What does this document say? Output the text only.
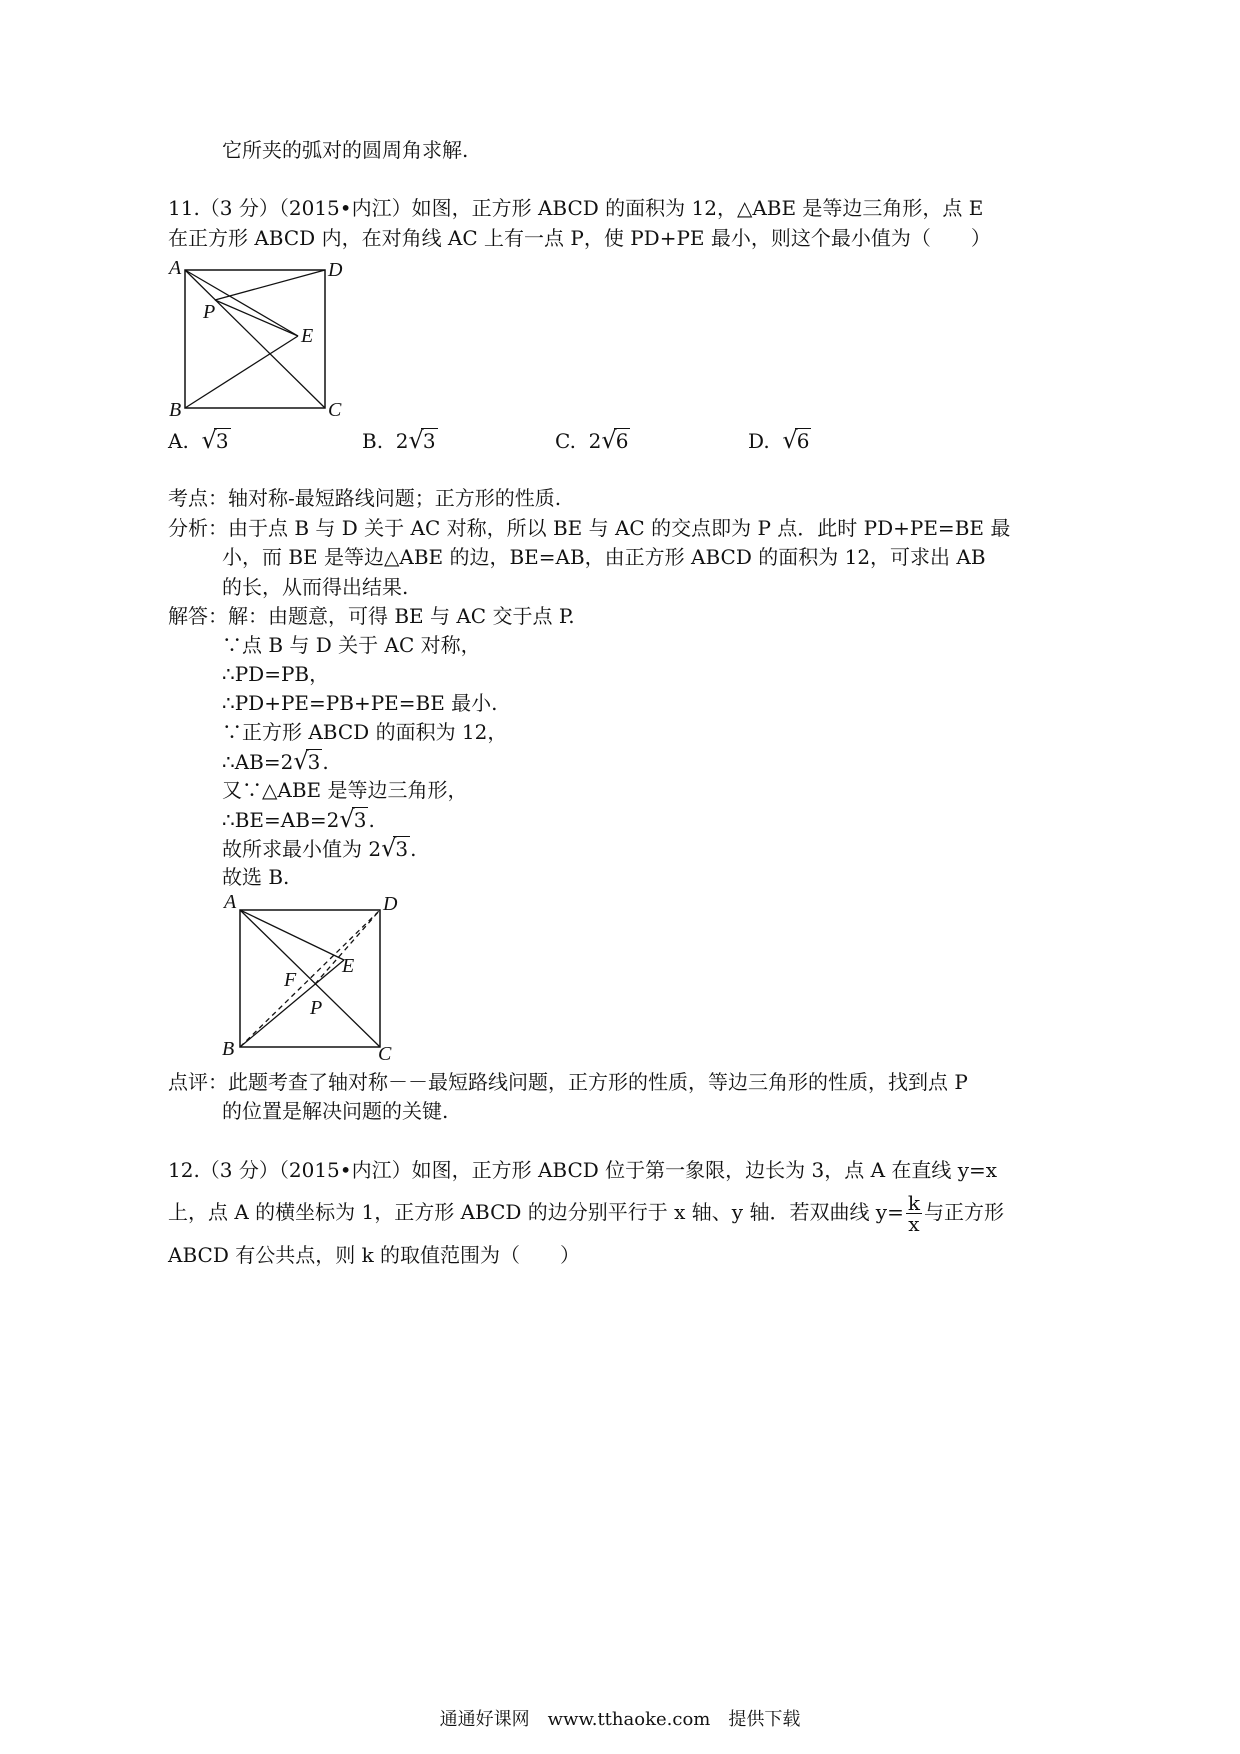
它所夹的弧对的圆周角求解.
11.（3 分）（2015•内江）如图，正方形 ABCD 的面积为 12，△ABE 是等边三角形，点 E
在正方形 ABCD 内，在对角线 AC 上有一点 P，使 PD+PE 最小，则这个最小值为（　　）
A	D
B	C
E
P
A. √3	B. 2√3	C. 2√6	D. √6
考点：轴对称-最短路线问题；正方形的性质.
分析：由于点 B 与 D 关于 AC 对称，所以 BE 与 AC 的交点即为 P 点．此时 PD+PE=BE 最
小，而 BE 是等边△ABE 的边，BE=AB，由正方形 ABCD 的面积为 12，可求出 AB
的长，从而得出结果.
解答：解：由题意，可得 BE 与 AC 交于点 P.
∵点 B 与 D 关于 AC 对称，
∴PD=PB，
∴PD+PE=PB+PE=BE 最小.
∵正方形 ABCD 的面积为 12，
∴AB=2√3 .
又∵△ABE 是等边三角形，
∴BE=AB=2√3 .
故所求最小值为 2√3 .
故选 B.
A	D
B	C
E
F
P
点评：此题考查了轴对称－－最短路线问题，正方形的性质，等边三角形的性质，找到点 P
的位置是解决问题的关键.
12.（3 分）（2015•内江）如图，正方形 ABCD 位于第一象限，边长为 3，点 A 在直线 y=x
上，点 A 的横坐标为 1，正方形 ABCD 的边分别平行于 x 轴、y 轴．若双曲线 $y= \frac{k}{x}$ 与正方形
ABCD 有公共点，则 k 的取值范围为（　　）
通通好课网　www.tthaoke.com　提供下载
